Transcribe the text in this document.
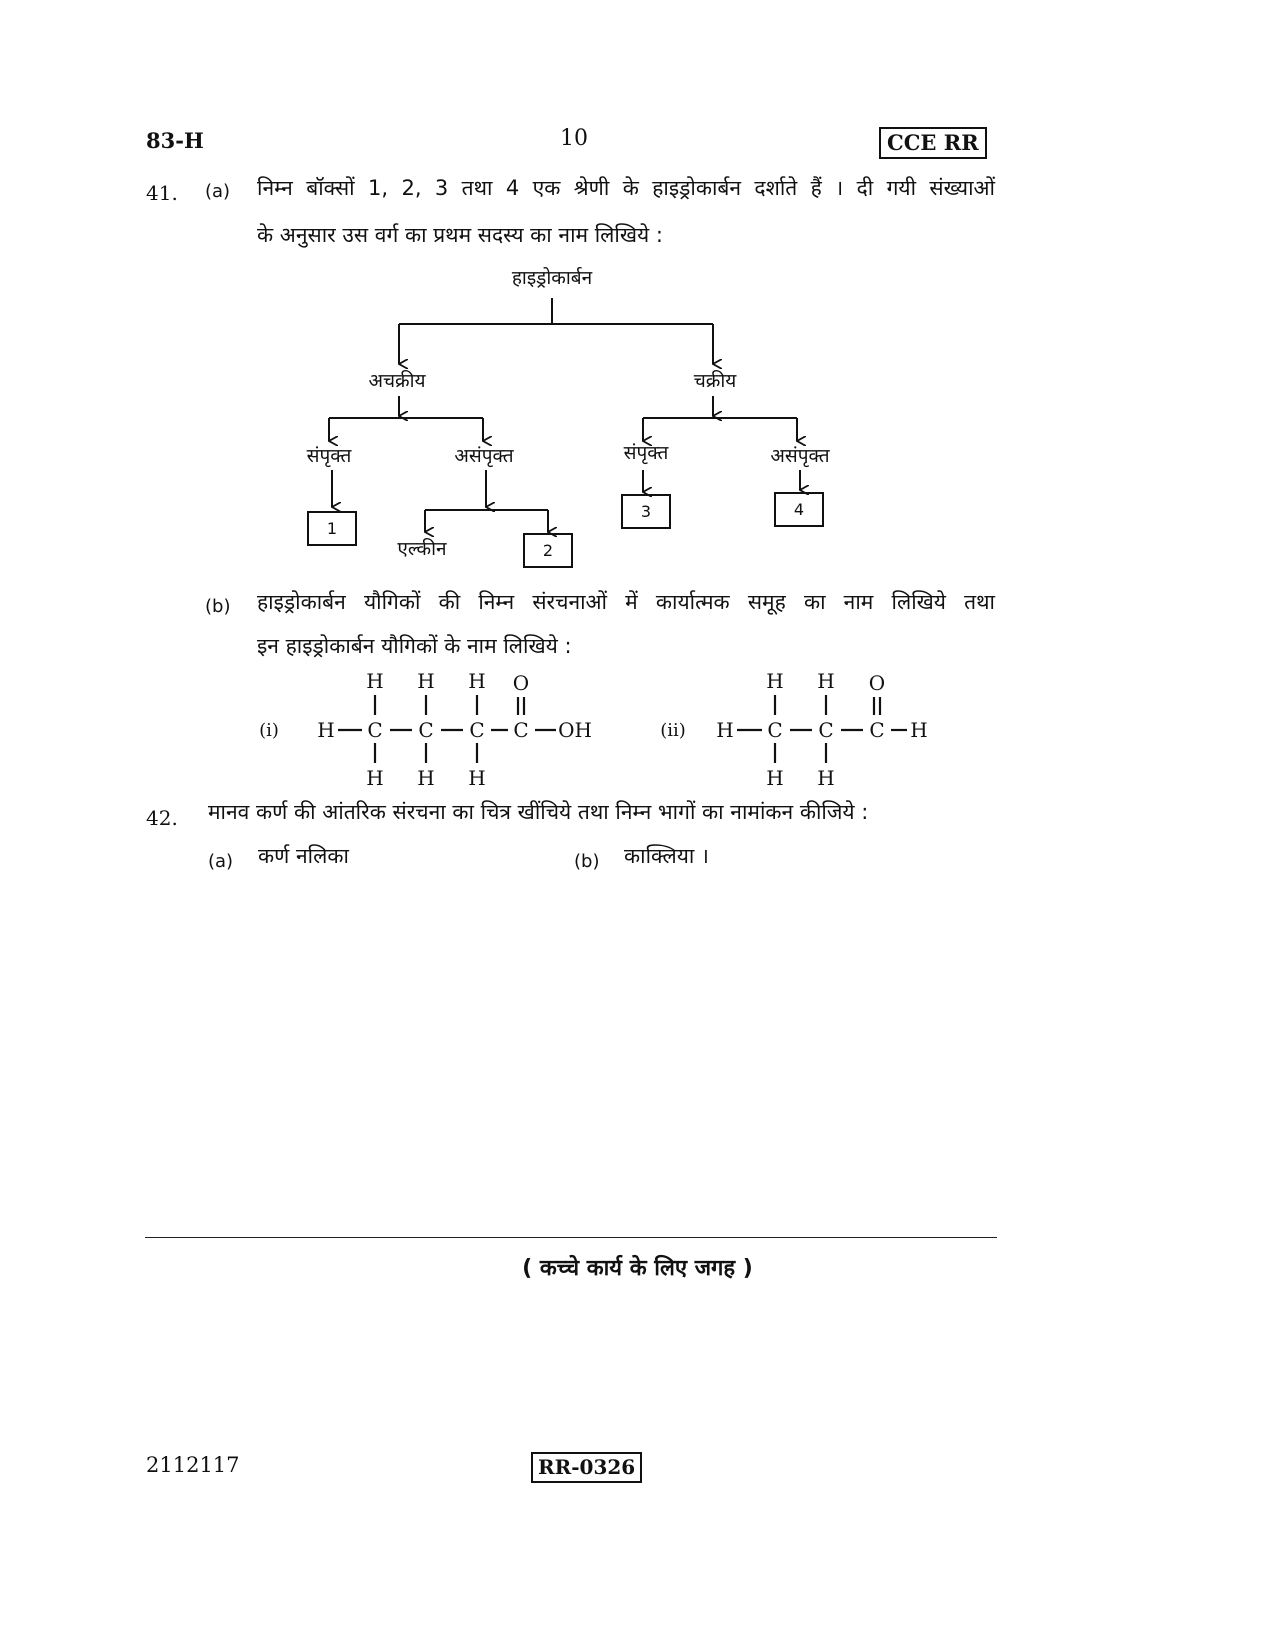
83-H	10	CCE RR
41. (a) निम्न बॉक्सों 1, 2, 3 तथा 4 एक श्रेणी के हाइड्रोकार्बन दर्शाते हैं । दी गयी संख्याओं
के अनुसार उस वर्ग का प्रथम सदस्य का नाम लिखिये :
हाइड्रोकार्बन
अचक्रीय	चक्रीय
संपृक्त	असंपृक्त
एल्कीन
संपृक्त	असंपृक्त
1
2
3	4
(b) हाइड्रोकार्बन यौगिकों की निम्न संरचनाओं में कार्यात्मक समूह का नाम लिखिये तथा
इन हाइड्रोकार्बन यौगिकों के नाम लिखिये :
(i)
H H H O
H C C C C OH
H H H
(ii)
H H O
H C C C H
H H
42. मानव कर्ण की आंतरिक संरचना का चित्र खींचिये तथा निम्न भागों का नामांकन कीजिये :
(a) कर्ण नलिका	(b) काक्लिया ।
( कच्चे कार्य के लिए जगह )
2112117	RR-0326
